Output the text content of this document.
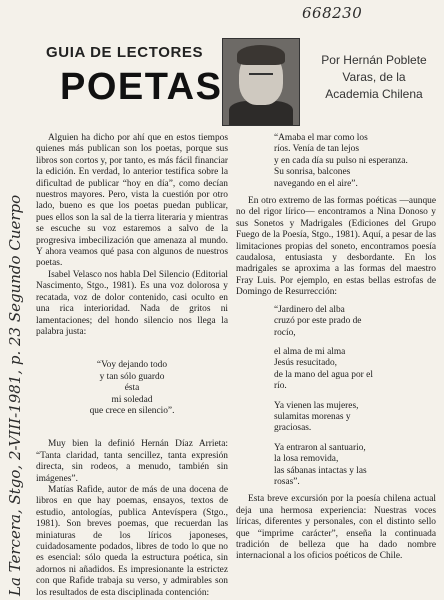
668230
La Tercera, Stgo, 2-VIII-1981, p. 23 Segundo Cuerpo
GUIA DE LECTORES
POETAS
Por Hernán Poblete
Varas, de la
Academia Chilena

Alguien ha dicho por ahí que en estos tiempos quienes más publican son los poetas, porque sus libros son cortos y, por tanto, es más fácil financiar la edición. En verdad, lo anterior testifica sobre la dificultad de publicar “hoy en día”, como decían nuestros mayores. Pero, vista la cuestión por otro lado, bueno es que los poetas puedan publicar, pues ellos son la sal de la tierra literaria y mientras se escuche su voz estaremos a salvo de la progresiva imbecilización que amenaza al mundo. Y ahora veamos qué pasa con algunos de nuestros poetas.

Isabel Velasco nos habla Del Silencio (Editorial Nascimento, Stgo., 1981). Es una voz dolorosa y recatada, voz de dolor contenido, casi oculto en una rica interioridad. Nada de gritos ni lamentaciones; del hondo silencio nos llega la palabra justa:

“Voy dejando todo
y tan sólo guardo
ésta
mi soledad
que crece en silencio”.

Muy bien la definió Hernán Díaz Arrieta: “Tanta claridad, tanta sencillez, tanta expresión directa, sin rodeos, a menudo, también sin imágenes”.

Matías Rafide, autor de más de una docena de libros en que hay poemas, ensayos, textos de estudio, antologías, publica Antevíspera (Stgo., 1981). Son breves poemas, que recuerdan las miniaturas de los líricos japoneses, cuidadosamente podados, libres de todo lo que no es esencial: sólo queda la estructura poética, sin adornos ni añadidos. Es impresionante la estrictez con que Rafide trabaja su verso, y admirables son los resultados de esta disciplinada contención:

“Amaba el mar como los
ríos. Venía de tan lejos
y en cada día su pulso ni esperanza.
Su sonrisa, balcones
navegando en el aire”.

En otro extremo de las formas poéticas —aunque no del rigor lírico— encontramos a Nina Donoso y sus Sonetos y Madrigales (Ediciones del Grupo Fuego de la Poesía, Stgo., 1981). Aquí, a pesar de las limitaciones propias del soneto, encontramos poesía caudalosa, entusiasta y desbordante. En los madrigales se aproxima a las formas del maestro Fray Luis. Por ejemplo, en estas bellas estrofas de Domingo de Resurrección:

“Jardinero del alba
cruzó por este prado de
rocío,
el alma de mi alma
Jesús resucitado,
de la mano del agua por el
río.
Ya vienen las mujeres,
sulamitas morenas y
graciosas.
Ya entraron al santuario,
la losa removida,
las sábanas intactas y las
rosas”.

Esta breve excursión por la poesía chilena actual deja una hermosa experiencia: Nuestras voces líricas, diferentes y personales, con el distinto sello que “imprime carácter”, enseña la continuada tradición de belleza que ha dado nombre internacional a los oficios poéticos de Chile.
